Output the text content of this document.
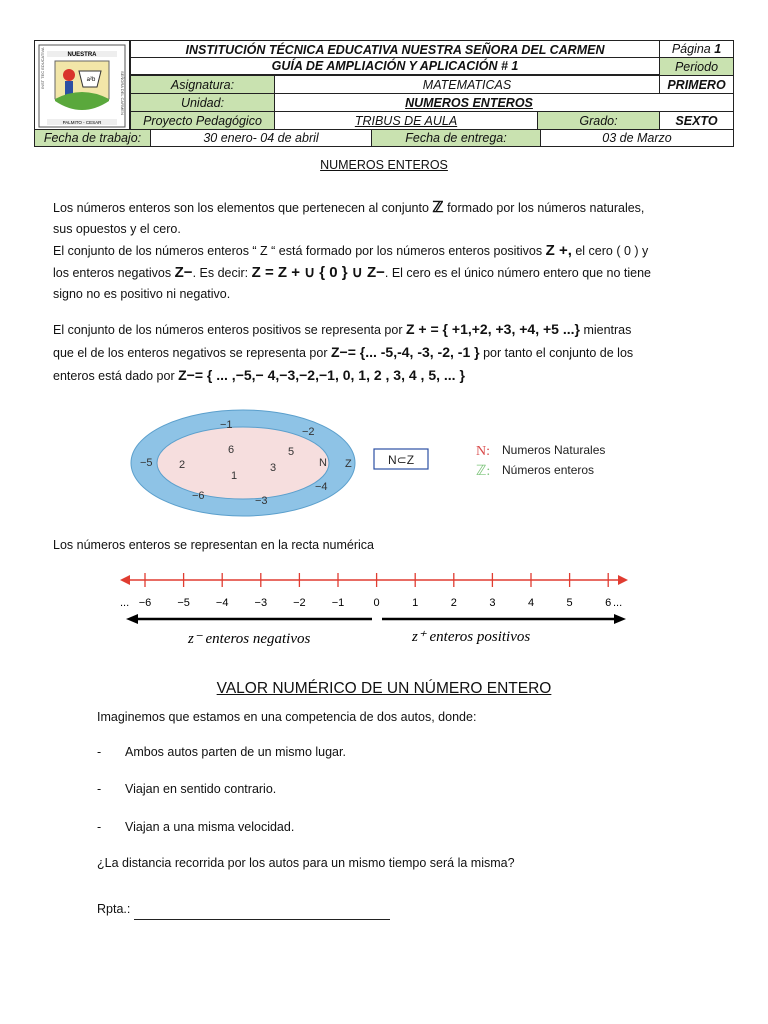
NUESTRA
a²b
PALMITO - CESAR
INST TEC EDUCATIVA
SEÑORA DEL CARMEN
INSTITUCIÓN TÉCNICA EDUCATIVA NUESTRA SEÑORA DEL CARMEN
GUÍA DE AMPLIACIÓN Y APLICACIÓN # 1
Página
1
Periodo
Asignatura:	MATEMATICAS	PRIMERO
Unidad:	NUMEROS ENTEROS
Proyecto Pedagógico	TRIBUS DE AULA	Grado:	SEXTO
Fecha de trabajo:	30 enero- 04 de abril	Fecha de entrega:	03 de Marzo
NUMEROS ENTEROS
Los números enteros son los elementos que pertenecen al conjunto ℤ formado por los números naturales,
sus opuestos y el cero.
El conjunto de los números enteros “ Z “ está formado por los números enteros positivos Z +, el cero ( 0 ) y
los enteros negativos Z−. Es decir: Z = Z + ∪ { 0 } ∪ Z−. El cero es el único número entero que no tiene
signo no es positivo ni negativo.
El conjunto de los números enteros positivos se representa por Z + = { +1,+2, +3, +4, +5 ...} mientras
que el de los enteros negativos se representa por Z−= {... -5,-4, -3, -2, -1 } por tanto el conjunto de los
enteros está dado por Z−= { ... ,−5,− 4,−3,−2,−1, 0, 1, 2 , 3, 4 , 5, ... }
−1
−2
−5	Z
−4
−3
−6
6	5
2	3
1
N	N⊂Z
N: Numeros Naturales
ℤ: Números enteros
Los números enteros se representan en la recta numérica
−6 −5 −4 −3 −2 −1	0	1	2	3	4	5	6
...	...
z⁻ enteros negativos	z⁺ enteros positivos
VALOR NUMÉRICO DE UN NÚMERO ENTERO
Imaginemos que estamos en una competencia de dos autos, donde:
- Ambos autos parten de un mismo lugar.
- Viajan en sentido contrario.
- Viajan a una misma velocidad.
¿La distancia recorrida por los autos para un mismo tiempo será la misma?
Rpta.:
